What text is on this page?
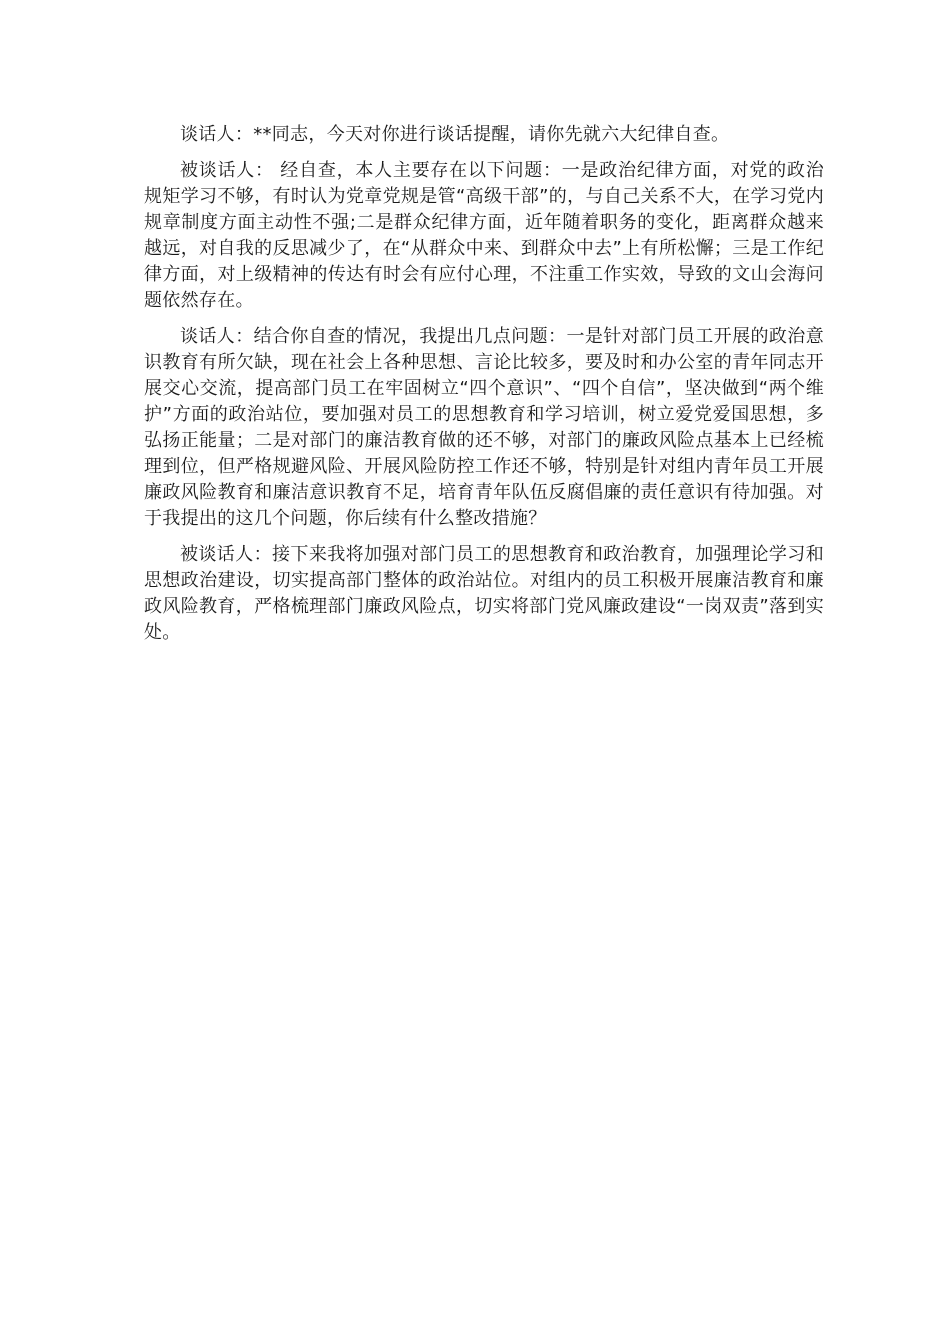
谈话人：**同志，今天对你进行谈话提醒，请你先就六大纪律自查。

被谈话人： 经自查，本人主要存在以下问题：一是政治纪律方面，对党的政治规矩学习不够，有时认为党章党规是管“高级干部”的，与自己关系不大，在学习党内规章制度方面主动性不强;二是群众纪律方面，近年随着职务的变化，距离群众越来越远，对自我的反思减少了，在“从群众中来、到群众中去”上有所松懈；三是工作纪律方面，对上级精神的传达有时会有应付心理，不注重工作实效，导致的文山会海问题依然存在。

谈话人：结合你自查的情况，我提出几点问题：一是针对部门员工开展的政治意识教育有所欠缺，现在社会上各种思想、言论比较多，要及时和办公室的青年同志开展交心交流，提高部门员工在牢固树立“四个意识”、“四个自信”，坚决做到“两个维护”方面的政治站位，要加强对员工的思想教育和学习培训，树立爱党爱国思想，多弘扬正能量；二是对部门的廉洁教育做的还不够，对部门的廉政风险点基本上已经梳理到位，但严格规避风险、开展风险防控工作还不够，特别是针对组内青年员工开展廉政风险教育和廉洁意识教育不足，培育青年队伍反腐倡廉的责任意识有待加强。对于我提出的这几个问题，你后续有什么整改措施？

被谈话人：接下来我将加强对部门员工的思想教育和政治教育，加强理论学习和思想政治建设，切实提高部门整体的政治站位。对组内的员工积极开展廉洁教育和廉政风险教育，严格梳理部门廉政风险点，切实将部门党风廉政建设“一岗双责”落到实处。
